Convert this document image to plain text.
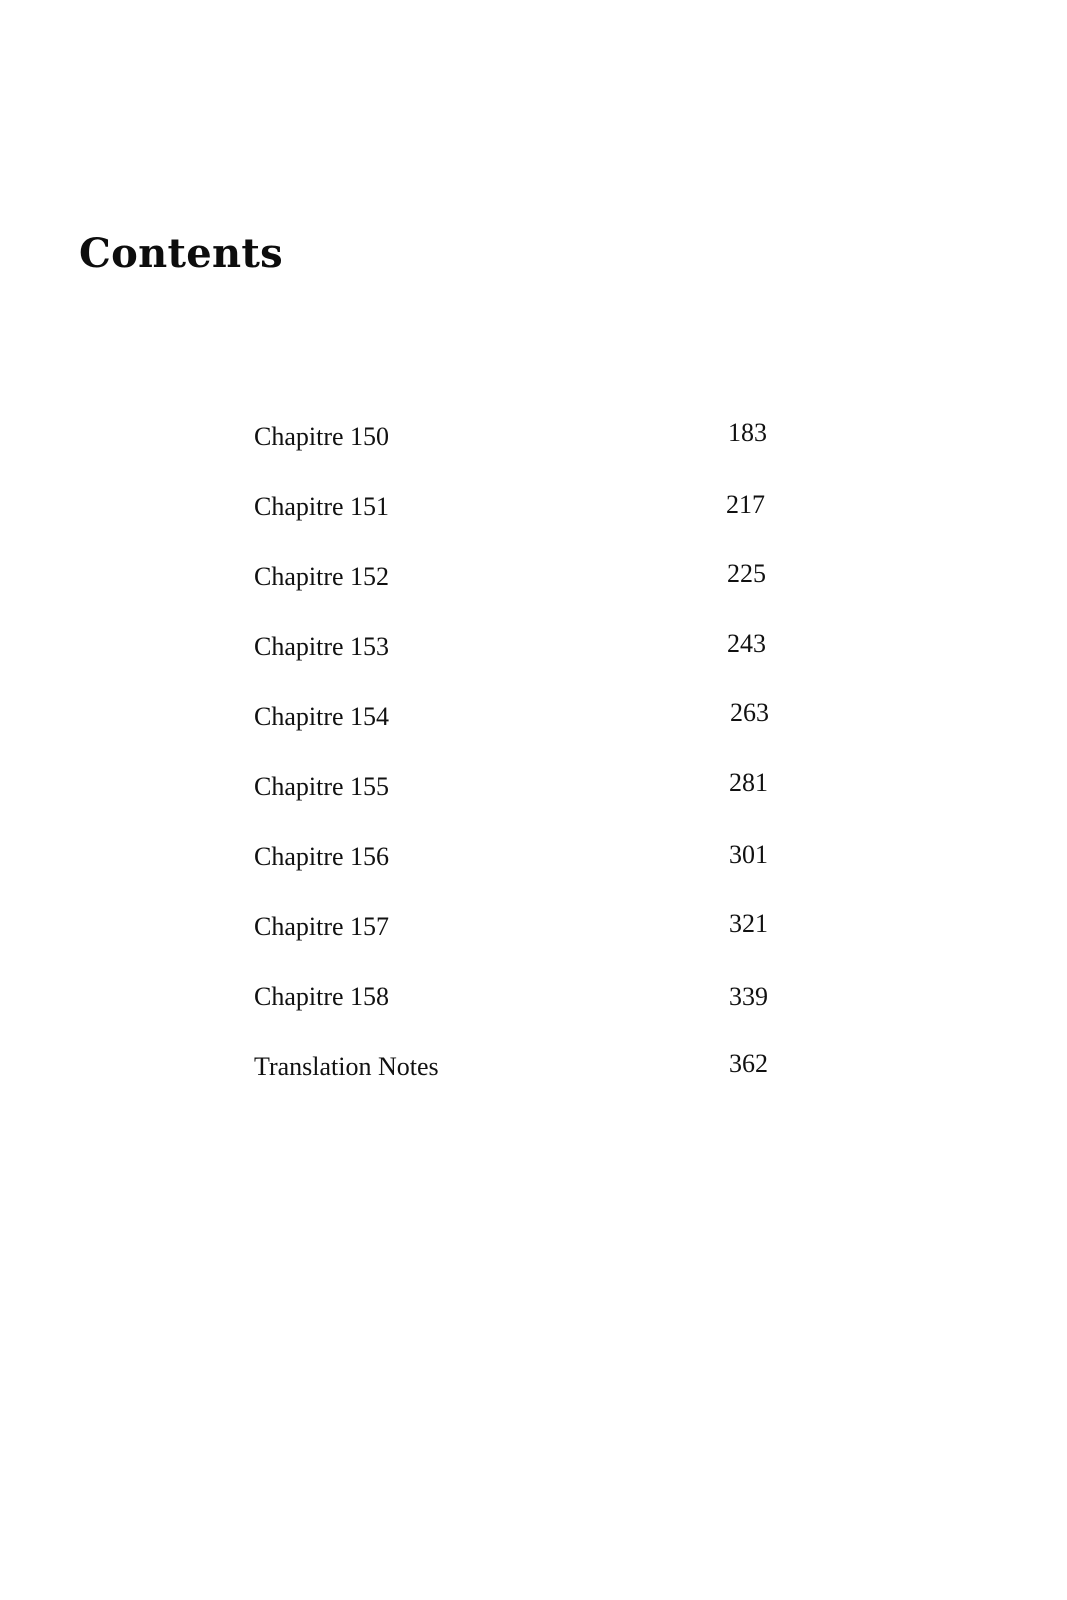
Contents
Chapitre 150	183
Chapitre 151	217
Chapitre 152	225
Chapitre 153	243
Chapitre 154	263
Chapitre 155	281
Chapitre 156	301
Chapitre 157	321
Chapitre 158	339
Translation Notes	362
